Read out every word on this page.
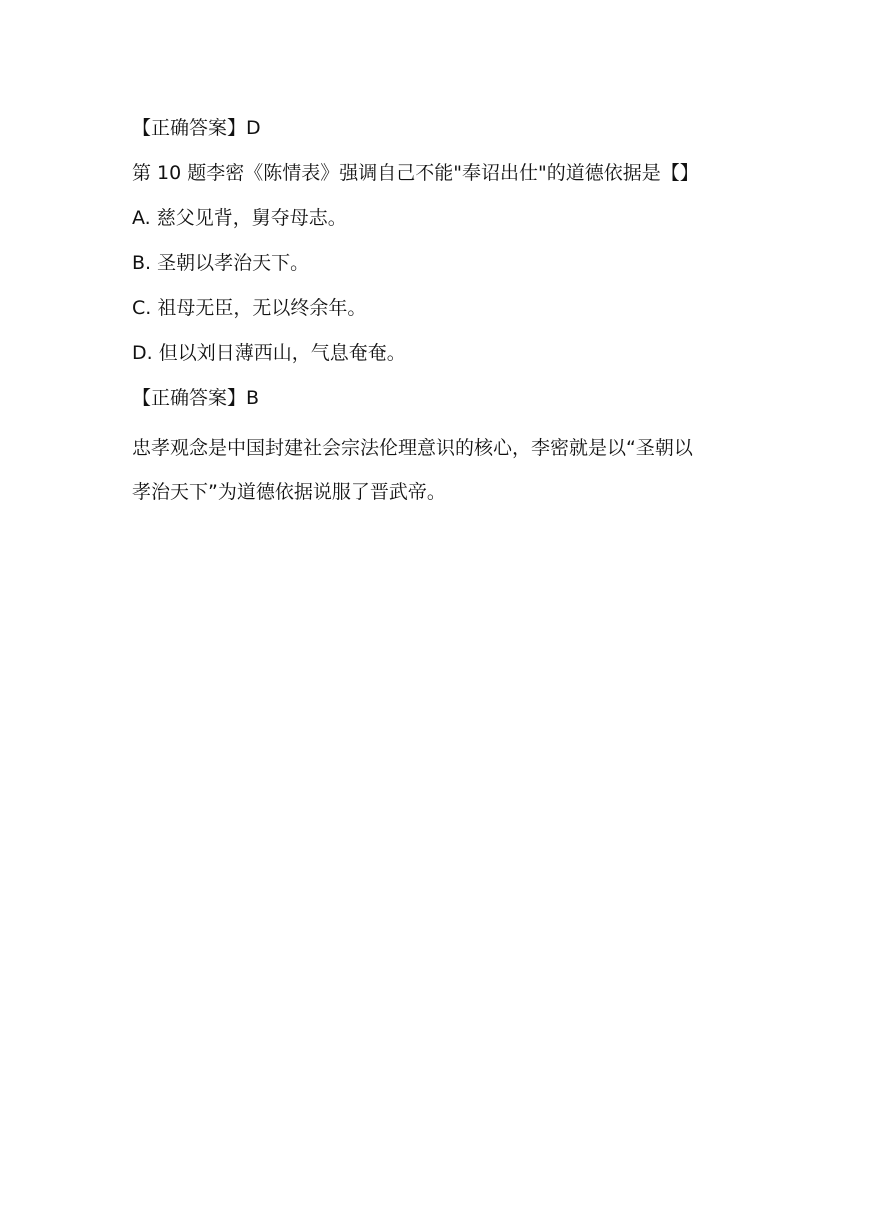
【正确答案】D

第 10 题李密《陈情表》强调自己不能"奉诏出仕"的道德依据是【】

A. 慈父见背，舅夺母志。

B. 圣朝以孝治天下。

C. 祖母无臣，无以终余年。

D. 但以刘日薄西山，气息奄奄。

【正确答案】B

忠孝观念是中国封建社会宗法伦理意识的核心，李密就是以“圣朝以
孝治天下”为道德依据说服了晋武帝。
